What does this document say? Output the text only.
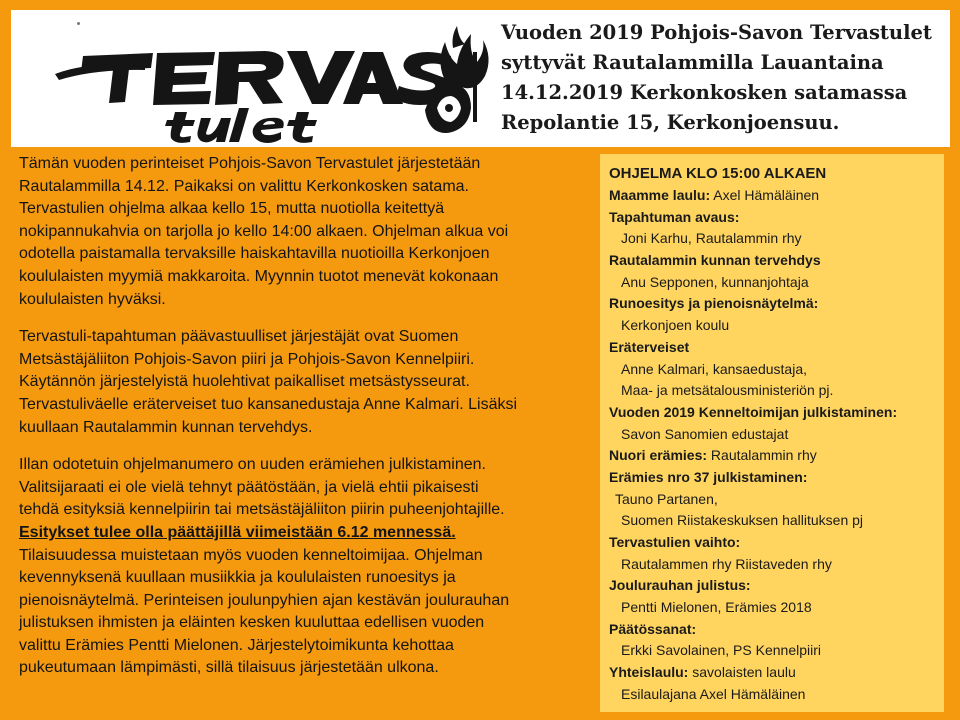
Vuoden 2019 Pohjois-Savon Tervastulet
syttyvät Rautalammilla Lauantaina
14.12.2019 Kerkonkosken satamassa
Repolantie 15, Kerkonjoensuu.
Tämän vuoden perinteiset Pohjois-Savon Tervastulet järjestetään
Rautalammilla 14.12. Paikaksi on valittu Kerkonkosken satama.
Tervastulien ohjelma alkaa kello 15, mutta nuotiolla keitettyä
nokipannukahvia on tarjolla jo kello 14:00 alkaen. Ohjelman alkua voi
odotella paistamalla tervaksille haiskahtavilla nuotioilla Kerkonjoen
koululaisten myymiä makkaroita. Myynnin tuotot menevät kokonaan
koululaisten hyväksi.
Tervastuli-tapahtuman päävastuulliset järjestäjät ovat Suomen
Metsästäjäliiton Pohjois-Savon piiri ja Pohjois-Savon Kennelpiiri.
Käytännön järjestelyistä huolehtivat paikalliset metsästysseurat.
Tervastuliväelle eräterveiset tuo kansanedustaja Anne Kalmari. Lisäksi
kuullaan Rautalammin kunnan tervehdys.
Illan odotetuin ohjelmanumero on uuden erämiehen julkistaminen.
Valitsijaraati ei ole vielä tehnyt päätöstään, ja vielä ehtii pikaisesti
tehdä esityksiä kennelpiirin tai metsästäjäliiton piirin puheenjohtajille.
Esitykset tulee olla päättäjillä viimeistään 6.12 mennessä.
Tilaisuudessa muistetaan myös vuoden kenneltoimijaa. Ohjelman
kevennyksenä kuullaan musiikkia ja koululaisten runoesitys ja
pienoisnäytelmä. Perinteisen joulunpyhien ajan kestävän joulurauhan
julistuksen ihmisten ja eläinten kesken kuuluttaa edellisen vuoden
valittu Erämies Pentti Mielonen. Järjestelytoimikunta kehottaa
pukeutumaan lämpimästi, sillä tilaisuus järjestetään ulkona.
OHJELMA KLO 15:00 ALKAEN
Maamme laulu: Axel Hämäläinen
Tapahtuman avaus:
Joni Karhu, Rautalammin rhy
Rautalammin kunnan tervehdys
Anu Sepponen, kunnanjohtaja
Runoesitys ja pienoisnäytelmä:
Kerkonjoen koulu
Eräterveiset
Anne Kalmari, kansaedustaja,
Maa- ja metsätalousministeriön pj.
Vuoden 2019 Kenneltoimijan julkistaminen:
Savon Sanomien edustajat
Nuori erämies: Rautalammin rhy
Erämies nro 37 julkistaminen:
Tauno Partanen,
Suomen Riistakeskuksen hallituksen pj
Tervastulien vaihto:
Rautalammen rhy Riistaveden rhy
Joulurauhan julistus:
Pentti Mielonen, Erämies 2018
Päätössanat:
Erkki Savolainen, PS Kennelpiiri
Yhteislaulu: savolaisten laulu
Esilaulajana Axel Hämäläinen
